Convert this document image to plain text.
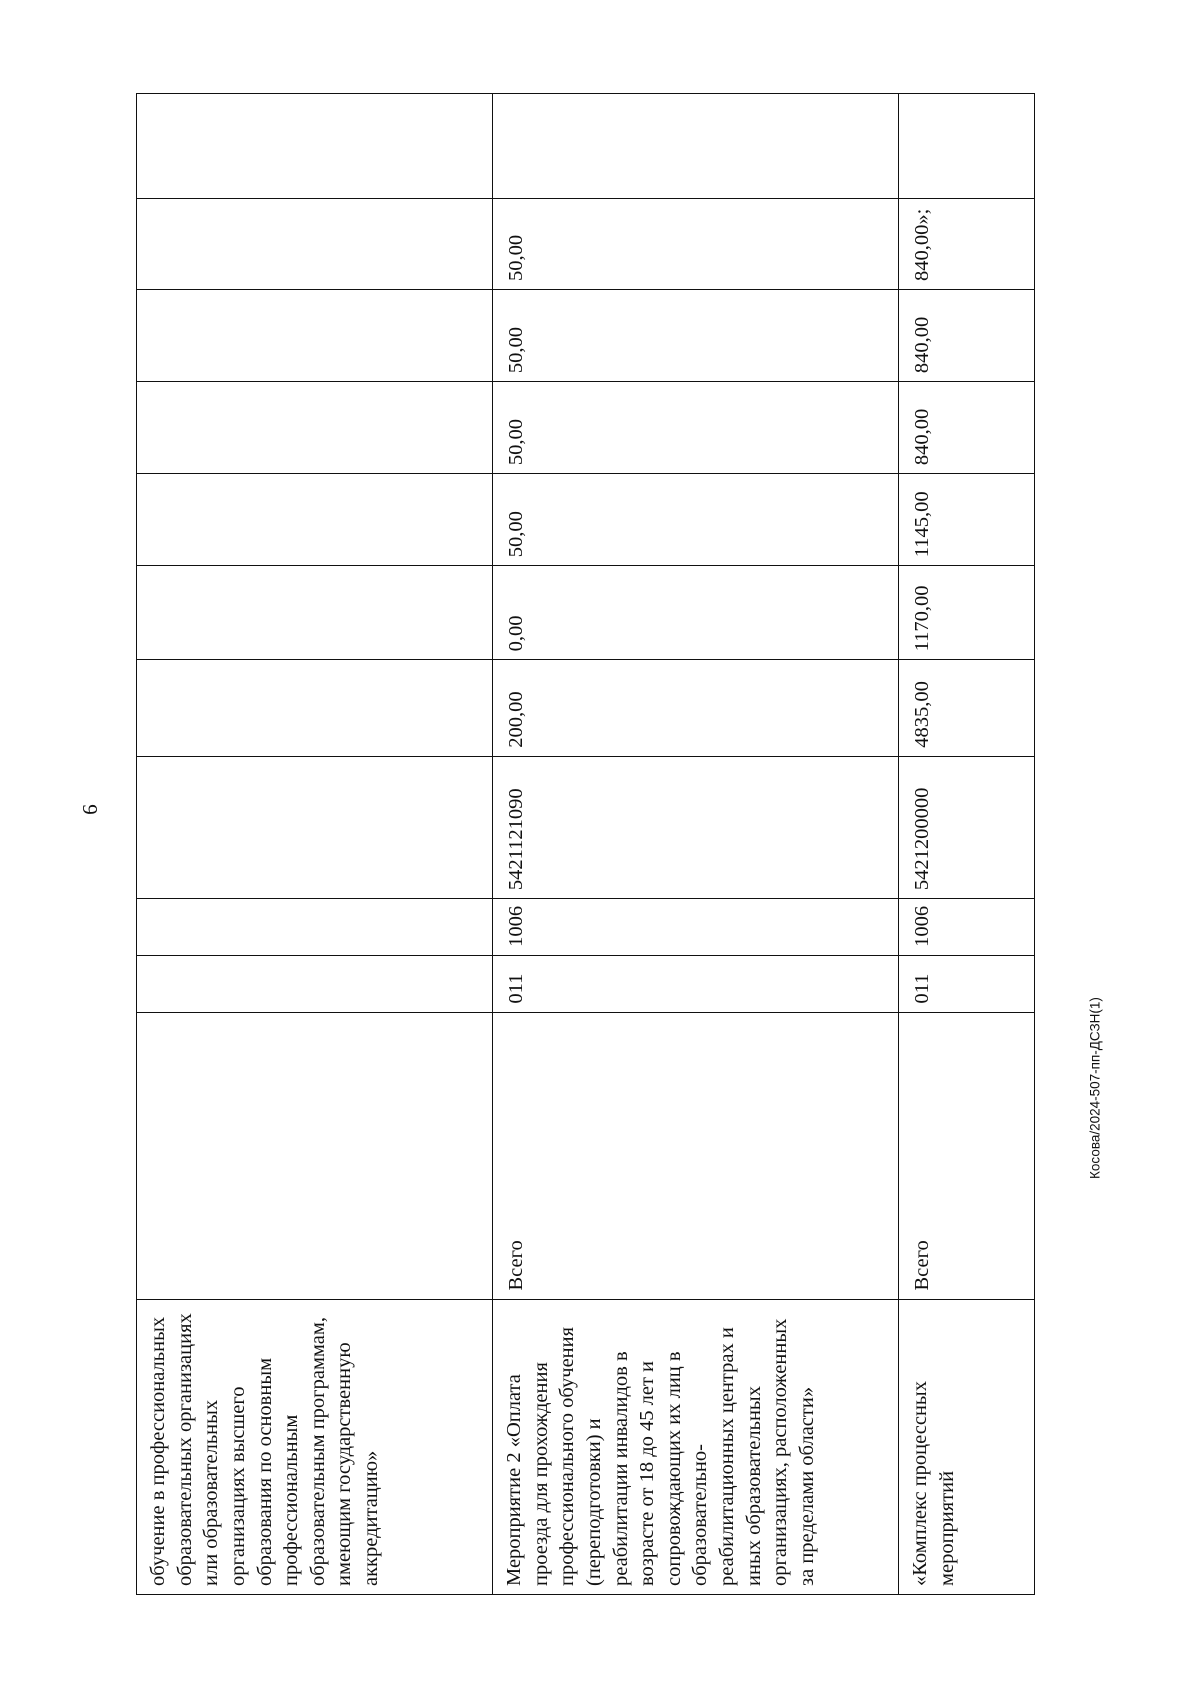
9
обучение в профессиональных образовательных организациях или образовательных организациях высшего образования по основным профессиональным образовательным программам, имеющим государственную аккредитацию»											
Мероприятие 2 «Оплата проезда для прохождения профессионального обучения (переподготовки) и реабилитации инвалидов в возрасте от 18 до 45 лет и сопровождающих их лиц в образовательно-реабилитационных центрах и иных образовательных организациях, расположенных за пределами области»	Всего	011	1006	5421121090	200,00	0,00	50,00	50,00	50,00	50,00	
«Комплекс процессных мероприятий	Всего	011	1006	5421200000	4835,00	1170,00	1145,00	840,00	840,00	840,00»;	
Косова/2024-507-пп-ДСЗН(1)
